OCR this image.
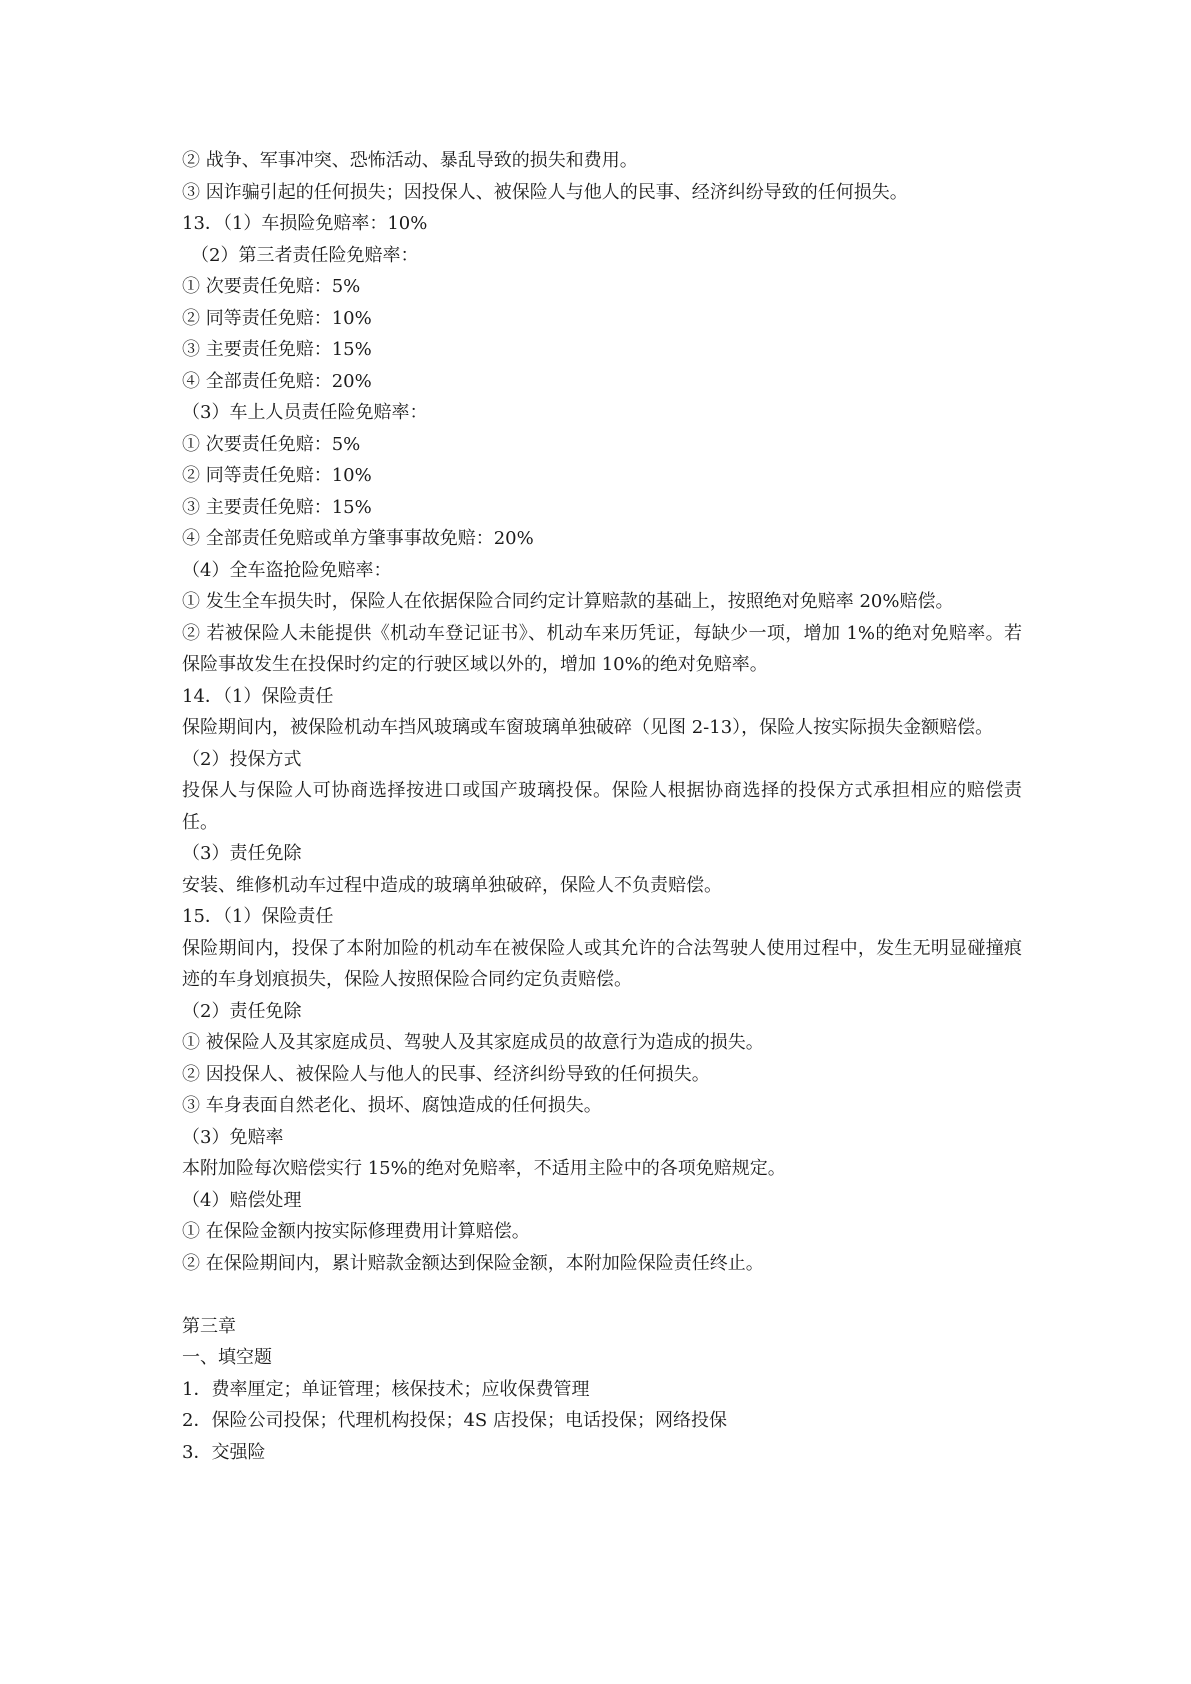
② 战争、军事冲突、恐怖活动、暴乱导致的损失和费用。
③ 因诈骗引起的任何损失；因投保人、被保险人与他人的民事、经济纠纷导致的任何损失。
13．（1）车损险免赔率：10%
（2）第三者责任险免赔率：
① 次要责任免赔：5%
② 同等责任免赔：10%
③ 主要责任免赔：15%
④ 全部责任免赔：20%
（3）车上人员责任险免赔率：
① 次要责任免赔：5%
② 同等责任免赔：10%
③ 主要责任免赔：15%
④ 全部责任免赔或单方肇事事故免赔：20%
（4）全车盗抢险免赔率：
① 发生全车损失时，保险人在依据保险合同约定计算赔款的基础上，按照绝对免赔率 20%赔偿。
② 若被保险人未能提供《机动车登记证书》、机动车来历凭证，每缺少一项，增加 1%的绝对免赔率。若保险事故发生在投保时约定的行驶区域以外的，增加 10%的绝对免赔率。
14．（1）保险责任
保险期间内，被保险机动车挡风玻璃或车窗玻璃单独破碎（见图 2-13），保险人按实际损失金额赔偿。
（2）投保方式
投保人与保险人可协商选择按进口或国产玻璃投保。保险人根据协商选择的投保方式承担相应的赔偿责任。
（3）责任免除
安装、维修机动车过程中造成的玻璃单独破碎，保险人不负责赔偿。
15．（1）保险责任
保险期间内，投保了本附加险的机动车在被保险人或其允许的合法驾驶人使用过程中，发生无明显碰撞痕迹的车身划痕损失，保险人按照保险合同约定负责赔偿。
（2）责任免除
① 被保险人及其家庭成员、驾驶人及其家庭成员的故意行为造成的损失。
② 因投保人、被保险人与他人的民事、经济纠纷导致的任何损失。
③ 车身表面自然老化、损坏、腐蚀造成的任何损失。
（3）免赔率
本附加险每次赔偿实行 15%的绝对免赔率，不适用主险中的各项免赔规定。
（4）赔偿处理
① 在保险金额内按实际修理费用计算赔偿。
② 在保险期间内，累计赔款金额达到保险金额，本附加险保险责任终止。
第三章
一、填空题
1．费率厘定；单证管理；核保技术；应收保费管理
2．保险公司投保；代理机构投保；4S 店投保；电话投保；网络投保
3．交强险
